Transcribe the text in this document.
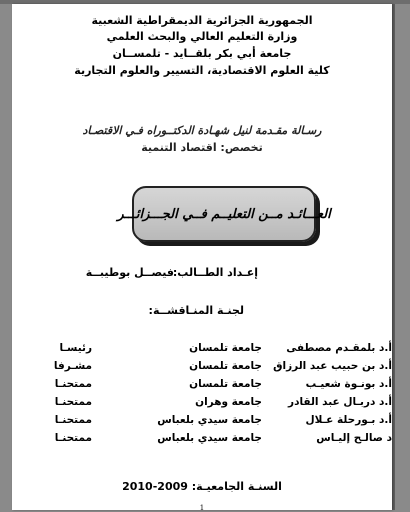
الجمهورية الجزائرية الديمقراطية الشعبية
وزارة التعليم العالي والبحث العلمي
جامعة أبي بكر بلقــايد - تلمســان
كلية العلوم الاقتصادية، التسيير والعلوم التجارية
رسـالة مقـدمة لنيل شهـادة الدكتــوراه فـي الاقتصـاد
تخصص: اقتصاد التنمية
العـــائـد مــن التعليــم فــي الجـــزائـــر
إعـداد الطــالب:
فيصــل بوطيبــة
لجنـة المنـاقشــة:
أ.د بلمقـدم مصطفى
جامعة تلمسان
رئيسـا
أ.د بن حبيب عبد الرزاق
جامعة تلمسان
مشـرفا
أ.د بونـوة شعيـب
جامعة تلمسان
ممتحنـا
أ.د دربـال عبد القادر
جامعة وهران
ممتحنـا
أ.د بـورحلة عـلال
جامعة سيدي بلعباس
ممتحنـا
د صالـح إليـاس
جامعة سيدي بلعباس
ممتحنـا
السنـة الجامعيـة: 2009-2010
1
